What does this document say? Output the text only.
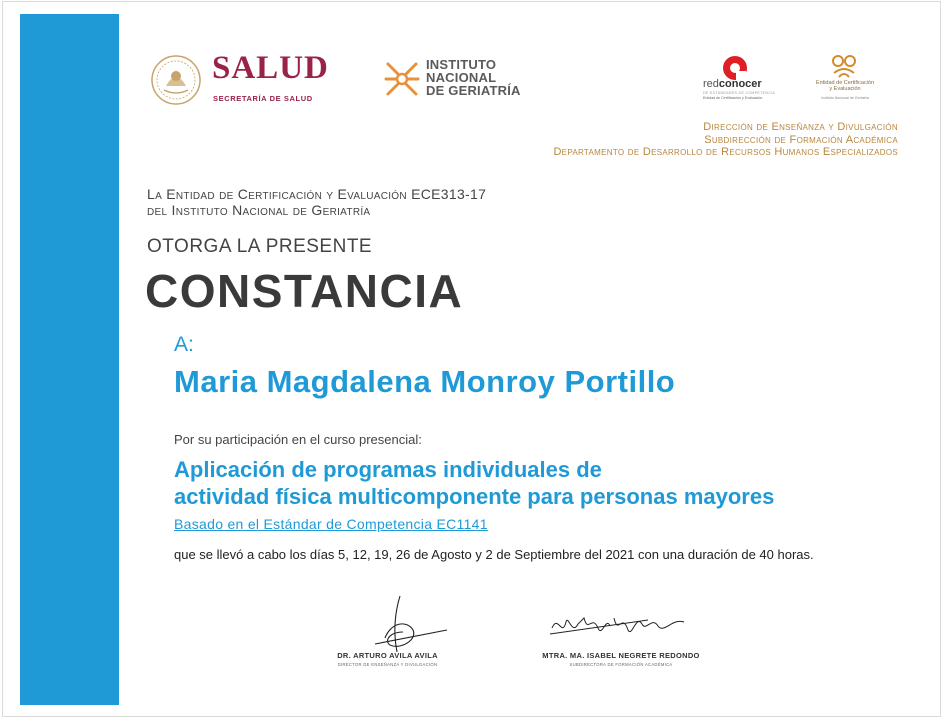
SALUD
SECRETARÍA DE SALUD
INSTITUTO
NACIONAL
DE GERIATRÍA	redconocer
DE ESTÁNDARES DE COMPETENCIA
Entidad de Certificación y Evaluación
Entidad de Certificación
y Evaluación
Instituto Nacional de Geriatría
Dirección de Enseñanza y Divulgación
Subdirección de Formación Académica
Departamento de Desarrollo de Recursos Humanos Especializados
La Entidad de Certificación y Evaluación ECE313-17
del Instituto Nacional de Geriatría
OTORGA LA PRESENTE
CONSTANCIA
A:
Maria Magdalena Monroy Portillo
Por su participación en el curso presencial:
Aplicación de programas individuales de
actividad física multicomponente para personas mayores
Basado en el Estándar de Competencia EC1141
que se llevó a cabo los días 5, 12, 19, 26 de Agosto y 2 de Septiembre del 2021 con una duración de 40 horas.
DR. ARTURO AVILA AVILA
DIRECTOR DE ENSEÑANZA Y DIVULGACIÓN
MTRA. MA. ISABEL NEGRETE REDONDO
SUBDIRECTORA DE FORMACIÓN ACADÉMICA
